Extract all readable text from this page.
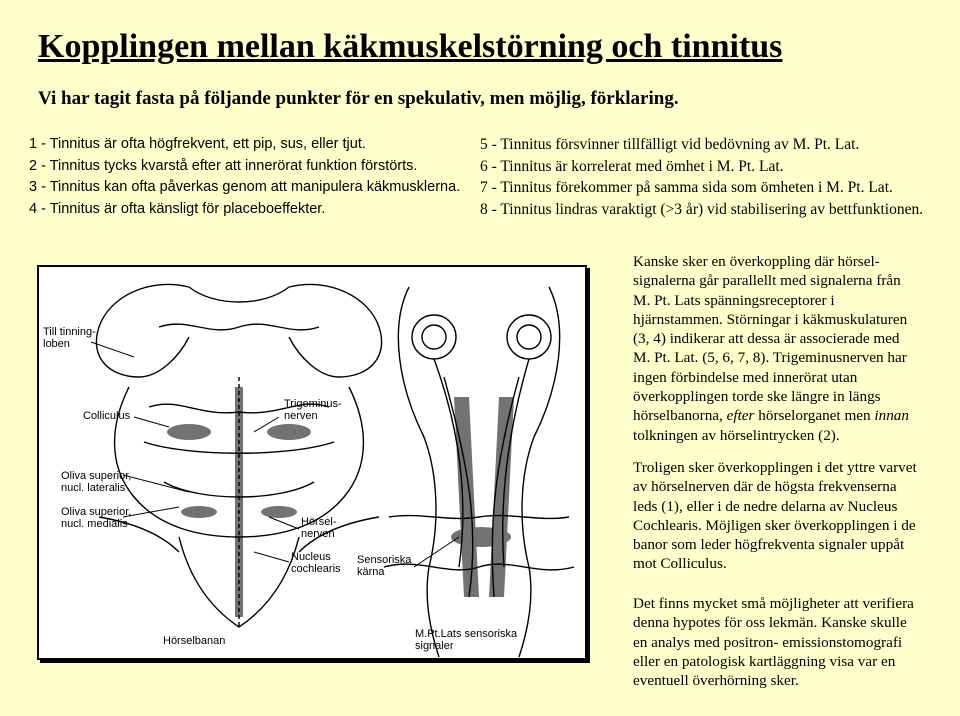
Kopplingen mellan käkmuskelstörning och tinnitus
Vi har tagit fasta på följande punkter för en spekulativ, men möjlig, förklaring.
1 - Tinnitus är ofta högfrekvent, ett pip, sus, eller tjut.
2 - Tinnitus tycks kvarstå efter att innerörat funktion förstörts.
3 - Tinnitus kan ofta påverkas genom att manipulera käkmusklerna.
4 - Tinnitus är ofta känsligt för placeboeffekter.
5 - Tinnitus försvinner tillfälligt vid bedövning av M. Pt. Lat.
6 - Tinnitus är korrelerat med ömhet i M. Pt. Lat.
7 - Tinnitus förekommer på samma sida som ömheten i M. Pt. Lat.
8 - Tinnitus lindras varaktigt (>3 år) vid stabilisering av bettfunktionen.
Till tinning- loben
Colliculus
Trigeminus- nerven
Oliva superior, nucl. lateralis
Oliva superior, nucl. medialis	Hörsel- nerven
Nucleus cochlearis
Sensoriska kärna
Hörselbanan
M.Pt.Lats sensoriska signaler

Kanske sker en överkoppling där hörsel-
signalerna går parallellt med signalerna från
M. Pt. Lats spänningsreceptorer i
hjärnstammen. Störningar i käkmuskulaturen
(3, 4) indikerar att dessa är associerade med
M. Pt. Lat. (5, 6, 7, 8). Trigeminusnerven har
ingen förbindelse med innerörat utan
överkopplingen torde ske längre in längs
hörselbanorna, efter hörselorganet men innan
tolkningen av hörselintrycken (2).

Troligen sker överkopplingen i det yttre varvet
av hörselnerven där de högsta frekvenserna
leds (1), eller i de nedre delarna av Nucleus
Cochlearis. Möjligen sker överkopplingen i de
banor som leder högfrekventa signaler uppåt
mot Colliculus.

Det finns mycket små möjligheter att verifiera
denna hypotes för oss lekmän. Kanske skulle
en analys med positron- emissionstomografi
eller en patologisk kartläggning visa var en
eventuell överhörning sker.
